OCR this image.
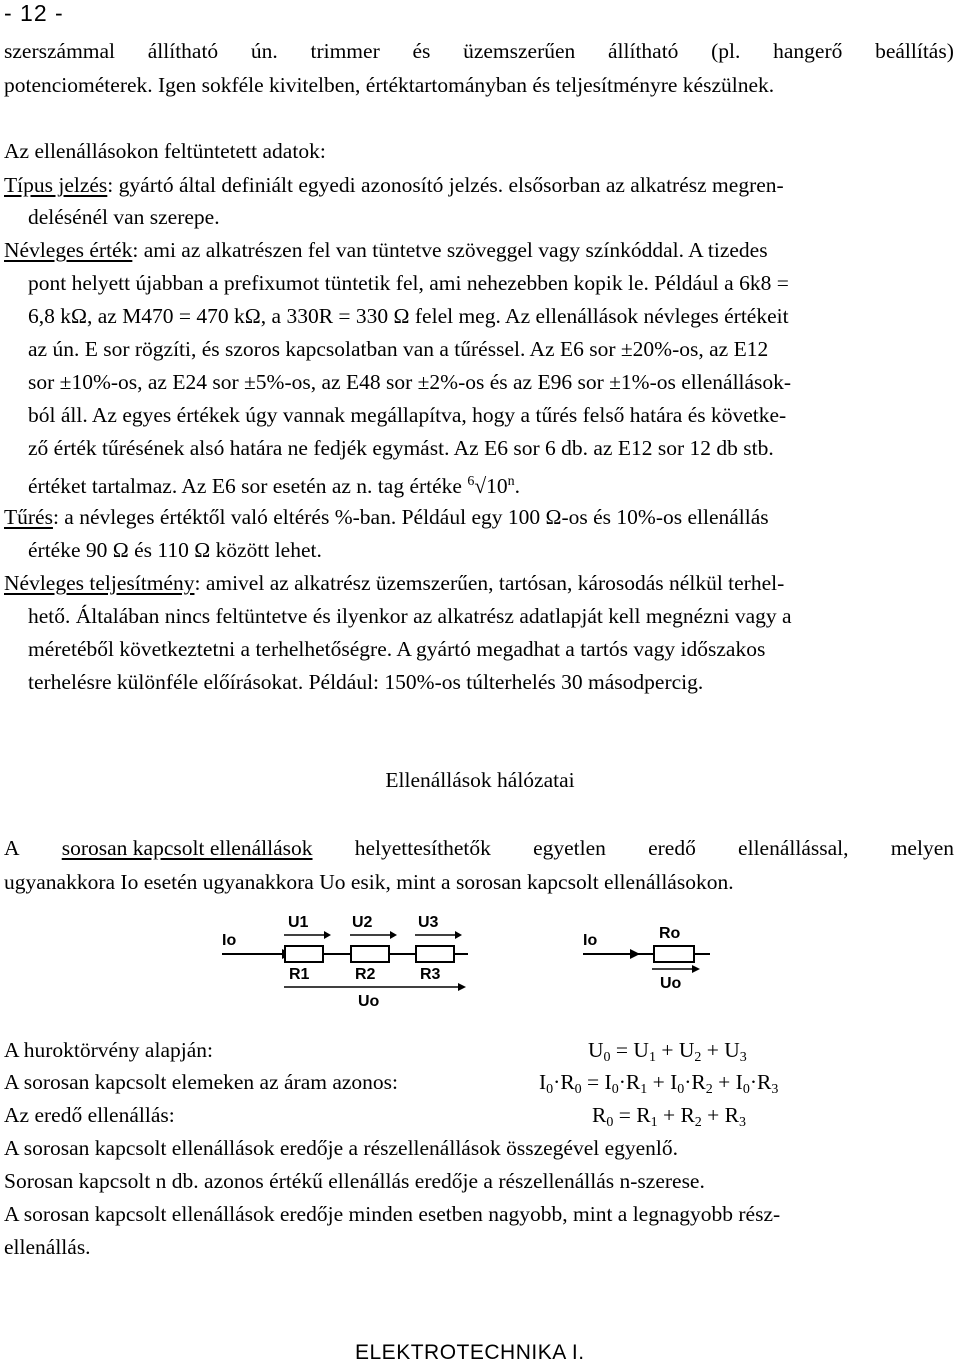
- 12 -
szerszámmal állítható ún. trimmer és üzemszerűen állítható (pl. hangerő beállítás)
potenciométerek. Igen sokféle kivitelben, értéktartományban és teljesítményre készülnek.
Az ellenállásokon feltüntetett adatok:
Típus jelzés: gyártó által definiált egyedi azonosító jelzés. elsősorban az alkatrész megren-
delésénél van szerepe.
Névleges érték: ami az alkatrészen fel van tüntetve szöveggel vagy színkóddal. A tizedes
pont helyett újabban a prefixumot tüntetik fel, ami nehezebben kopik le. Például a 6k8 =
6,8 kΩ, az M470 = 470 kΩ, a 330R = 330 Ω felel meg. Az ellenállások névleges értékeit
az ún. E sor rögzíti, és szoros kapcsolatban van a tűréssel. Az E6 sor ±20%-os, az E12
sor ±10%-os, az E24 sor ±5%-os, az E48 sor ±2%-os és az E96 sor ±1%-os ellenállások-
ból áll. Az egyes értékek úgy vannak megállapítva, hogy a tűrés felső határa és követke-
ző érték tűrésének alsó határa ne fedjék egymást. Az E6 sor 6 db. az E12 sor 12 db stb.
értéket tartalmaz. Az E6 sor esetén az n. tag értéke $^6$√10$^n$.
Tűrés: a névleges értéktől való eltérés %-ban. Például egy 100 Ω-os és 10%-os ellenállás
értéke 90 Ω és 110 Ω között lehet.
Névleges teljesítmény: amivel az alkatrész üzemszerűen, tartósan, károsodás nélkül terhel-
hető. Általában nincs feltüntetve és ilyenkor az alkatrész adatlapját kell megnézni vagy a
méretéből következtetni a terhelhetőségre. A gyártó megadhat a tartós vagy időszakos
terhelésre különféle előírásokat. Például: 150%-os túlterhelés 30 másodpercig.
Ellenállások hálózatai
A sorosan kapcsolt ellenállások helyettesíthetők egyetlen eredő ellenállással, melyen
ugyanakkora Io esetén ugyanakkora Uo esik, mint a sorosan kapcsolt ellenállásokon.
Io
U1	U2	U3
R1	R2	R3
Uo
Io	Ro
Uo
A huroktörvény alapján:	$U_0 = U_1 + U_2 + U_3$
A sorosan kapcsolt elemeken az áram azonos:	$I_0\cdot R_0 = I_0\cdot R_1 + I_0\cdot R_2 + I_0\cdot R_3$
Az eredő ellenállás:	$R_0 = R_1 + R_2 + R_3$
A sorosan kapcsolt ellenállások eredője a részellenállások összegével egyenlő.
Sorosan kapcsolt n db. azonos értékű ellenállás eredője a részellenállás n-szerese.
A sorosan kapcsolt ellenállások eredője minden esetben nagyobb, mint a legnagyobb rész-
ellenállás.
ELEKTROTECHNIKA I.
